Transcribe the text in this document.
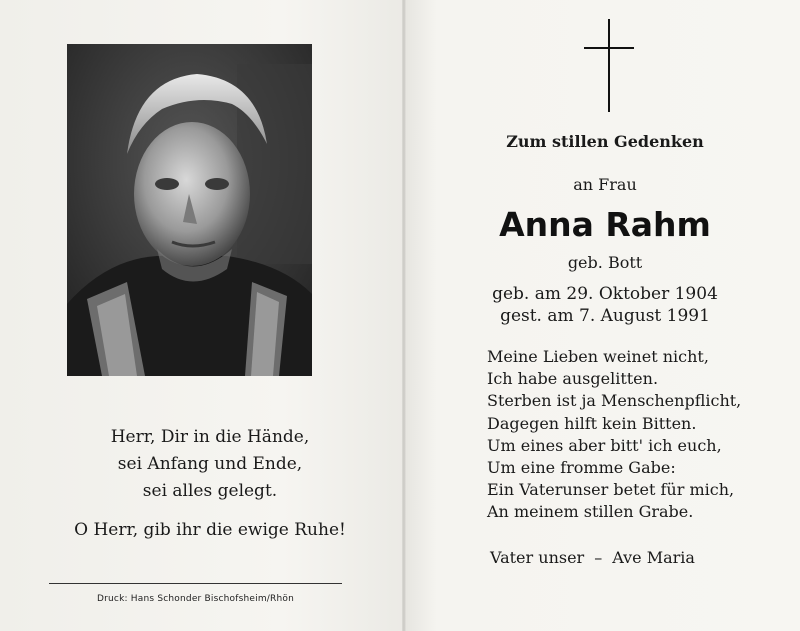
Herr, Dir in die Hände,
sei Anfang und Ende,
sei alles gelegt.
O Herr, gib ihr die ewige Ruhe!
Druck: Hans Schonder Bischofsheim/Rhön
Zum stillen Gedenken
an Frau
Anna Rahm
geb. Bott
geb. am 29. Oktober 1904
gest. am 7. August 1991
Meine Lieben weinet nicht,
Ich habe ausgelitten.
Sterben ist ja Menschenpflicht,
Dagegen hilft kein Bitten.
Um eines aber bitt' ich euch,
Um eine fromme Gabe:
Ein Vaterunser betet für mich,
An meinem stillen Grabe.
Vater unser – Ave Maria
